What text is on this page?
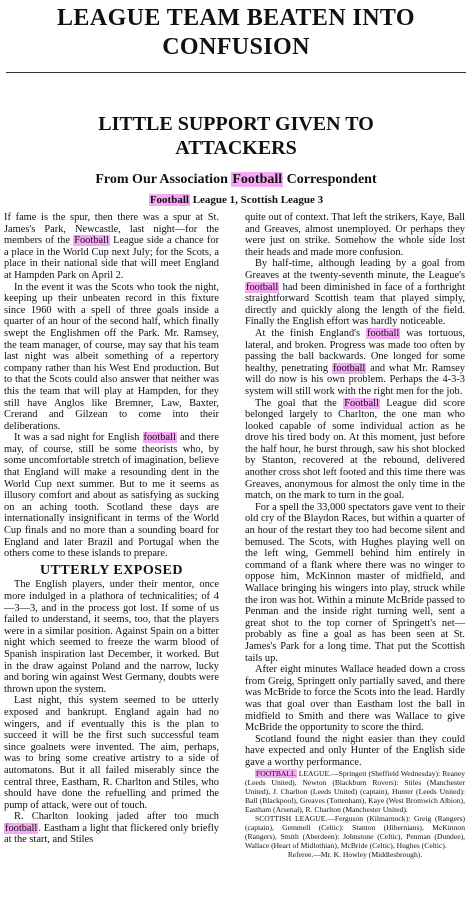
LEAGUE TEAM BEATEN INTO
CONFUSION
LITTLE SUPPORT GIVEN TO
ATTACKERS
From Our Association Football Correspondent
Football League 1, Scottish League 3

If fame is the spur, then there was a spur at St. James's Park, Newcastle, last night—for the members of the Football League side a chance for a place in the World Cup next July; for the Scots, a place in their national side that will meet England at Hampden Park on April 2.

In the event it was the Scots who took the night, keeping up their unbeaten record in this fixture since 1960 with a spell of three goals inside a quarter of an hour of the second half, which finally swept the Englishmen off the Park. Mr. Ramsey, the team manager, of course, may say that his team last night was albeit something of a repertory company rather than his West End production. But to that the Scots could also answer that neither was this the team that will play at Hampden, for they still have Anglos like Bremner, Law, Baxter, Crerand and Gilzean to come into their deliberations.

It was a sad night for English football and there may, of course, still be some theorists who, by some uncomfortable stretch of imagination, believe that England will make a resounding dent in the World Cup next summer. But to me it seems as illusory comfort and about as satisfying as sucking on an aching tooth. Scotland these days are internationally insignificant in terms of the World Cup finals and no more than a sounding board for England and later Brazil and Portugal when the others come to these islands to prepare.

UTTERLY EXPOSED

The English players, under their mentor, once more indulged in a plathora of technicalities; of 4—3—3, and in the process got lost. If some of us failed to understand, it seems, too, that the players were in a similar position. Against Spain on a bitter night which seemed to freeze the warm blood of Spanish inspiration last December, it worked. But in the draw against Poland and the narrow, lucky and boring win against West Germany, doubts were thrown upon the system.

Last night, this system seemed to be utterly exposed and bankrupt. England again had no wingers, and if eventually this is the plan to succeed it will be the first such successful team since goalnets were invented. The aim, perhaps, was to bring some creative artistry to a side of automatons. But it all failed miserably since the central three, Eastham, R. Charlton and Stiles, who should have done the refuelling and primed the pump of attack, were out of touch.

R. Charlton looking jaded after too much football. Eastham a light that flickered only briefly at the start, and Stiles

quite out of context. That left the strikers, Kaye, Ball and Greaves, almost unemployed. Or perhaps they were just on strike. Somehow the whole side lost their heads and made more confusion.

By half-time, although leading by a goal from Greaves at the twenty-seventh minute, the League's football had been diminished in face of a forthright straightforward Scottish team that played simply, directly and quickly along the length of the field. Finally the English effort was hardly noticeable.

At the finish England's football was tortuous, lateral, and broken. Progress was made too often by passing the ball backwards. One longed for some healthy, penetrating football and what Mr. Ramsey will do now is his own problem. Perhaps the 4-3-3 system will still work with the right men for the job.

The goal that the Football League did score belonged largely to Charlton, the one man who looked capable of some individual action as he drove his tired body on. At this moment, just before the half hour, he burst through, saw his shot blocked by Stanton, recovered at the rebound, delivered another cross shot left footed and this time there was Greaves, anonymous for almost the only time in the match, on the mark to turn in the goal.

For a spell the 33,000 spectators gave vent to their old cry of the Blaydon Races, but within a quarter of an hour of the restart they too had become silent and bemused. The Scots, with Hughes playing well on the left wing, Gemmell behind him entirely in command of a flank where there was no winger to oppose him, McKinnon master of midfield, and Wallace bringing his wingers into play, struck while the iron was hot. Within a minute McBride passed to Penman and the inside right turning well, sent a great shot to the top corner of Springett's net—probably as fine a goal as has been seen at St. James's Park for a long time. That put the Scottish tails up.

After eight minutes Wallace headed down a cross from Greig, Springett only partially saved, and there was McBride to force the Scots into the lead. Hardly was that goal over than Eastham lost the ball in midfield to Smith and there was Wallace to give McBride the opportunity to score the third.

Scotland found the night easier than they could have expected and only Hunter of the English side gave a worthy performance.

FOOTBALL LEAGUE.—Springett (Sheffield Wednesday): Reaney (Leeds United), Newton (Blackburn Rovers): Stiles (Manchester United), J. Charlton (Leeds United) (captain), Hunter (Leeds United): Ball (Blackpool), Greaves (Tottenham), Kaye (West Bromwich Albion), Eastham (Arsenal), R. Charlton (Manchester United).

SCOTTISH LEAGUE.—Ferguson (Kilmarnock): Greig (Rangers) (captain), Gemmell (Celtic): Stanton (Hibernians), McKinnon (Rangers), Smith (Aberdeen): Johnstone (Celtic), Penman (Dundee), Wallace (Heart of Midlothian), McBride (Celtic), Hughes (Celtic).

Referee.—Mr. K. Howley (Middlesbrough).
